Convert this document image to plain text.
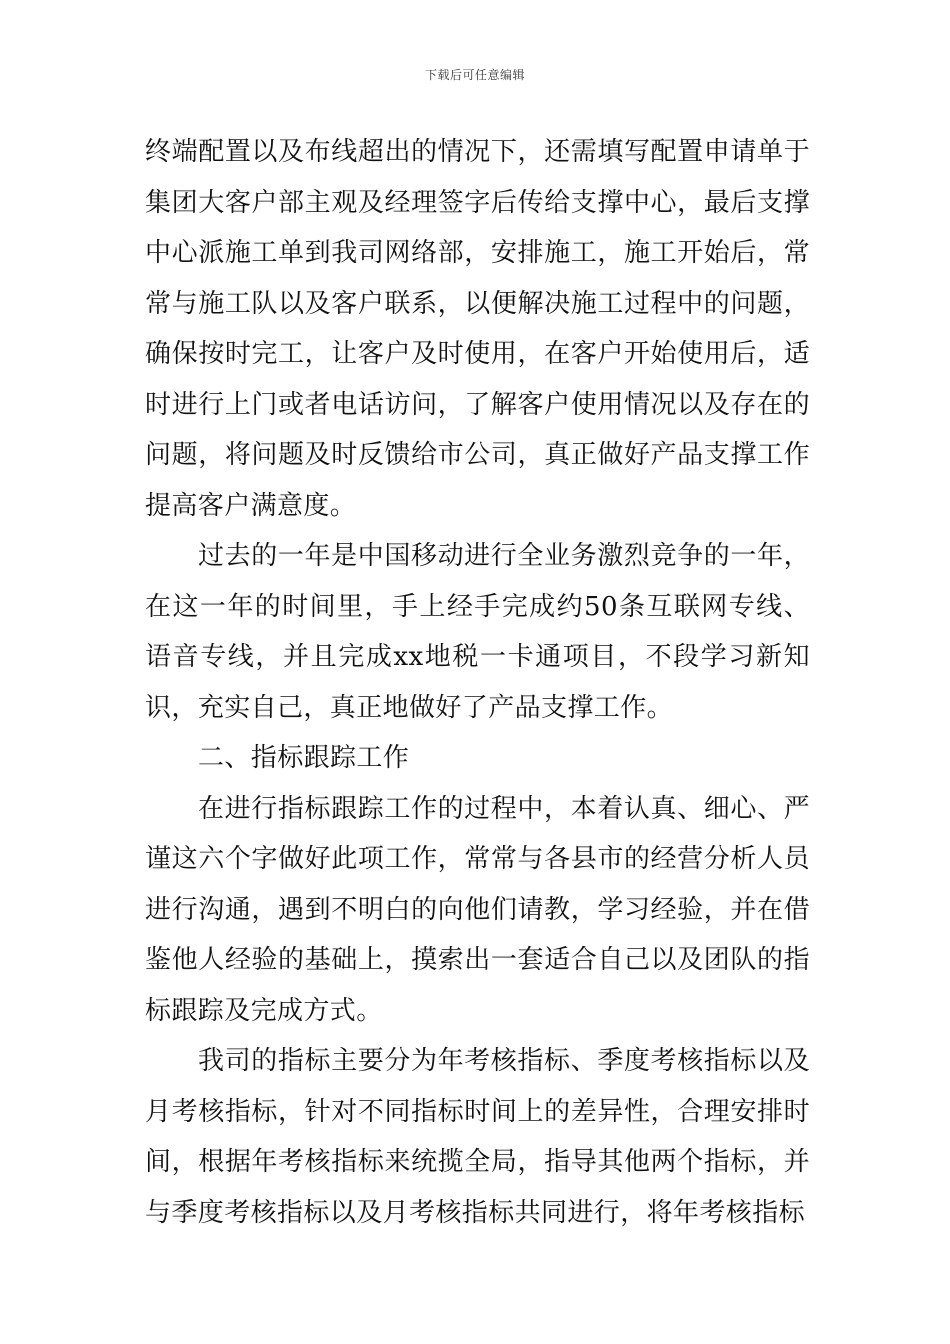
下载后可任意编辑

终端配置以及布线超出的情况下，还需填写配置申请单于集团大客户部主观及经理签字后传给支撑中心，最后支撑中心派施工单到我司网络部，安排施工，施工开始后，常常与施工队以及客户联系，以便解决施工过程中的问题，确保按时完工，让客户及时使用，在客户开始使用后，适时进行上门或者电话访问，了解客户使用情况以及存在的问题，将问题及时反馈给市公司，真正做好产品支撑工作提高客户满意度。

过去的一年是中国移动进行全业务激烈竞争的一年，在这一年的时间里，手上经手完成约50条互联网专线、语音专线，并且完成xx地税一卡通项目，不段学习新知识，充实自己，真正地做好了产品支撑工作。

二、指标跟踪工作

在进行指标跟踪工作的过程中，本着认真、细心、严谨这六个字做好此项工作，常常与各县市的经营分析人员进行沟通，遇到不明白的向他们请教，学习经验，并在借鉴他人经验的基础上，摸索出一套适合自己以及团队的指标跟踪及完成方式。

我司的指标主要分为年考核指标、季度考核指标以及月考核指标，针对不同指标时间上的差异性，合理安排时间，根据年考核指标来统揽全局，指导其他两个指标，并与季度考核指标以及月考核指标共同进行，将年考核指标
